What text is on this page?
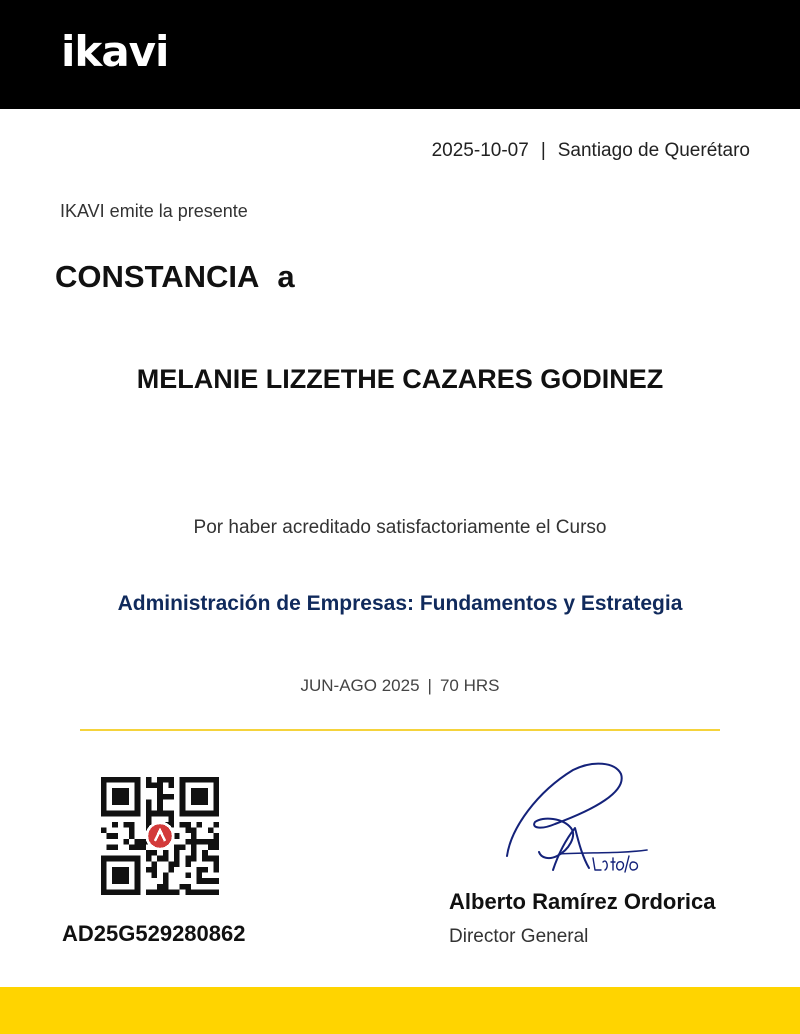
ikavi
2025-10-07 | Santiago de Querétaro
IKAVI emite la presente
CONSTANCIA a
MELANIE LIZZETHE CAZARES GODINEZ
Por haber acreditado satisfactoriamente el Curso
Administración de Empresas: Fundamentos y Estrategia
JUN-AGO 2025 | 70 HRS
AD25G529280862
Alberto Ramírez Ordorica
Director General
